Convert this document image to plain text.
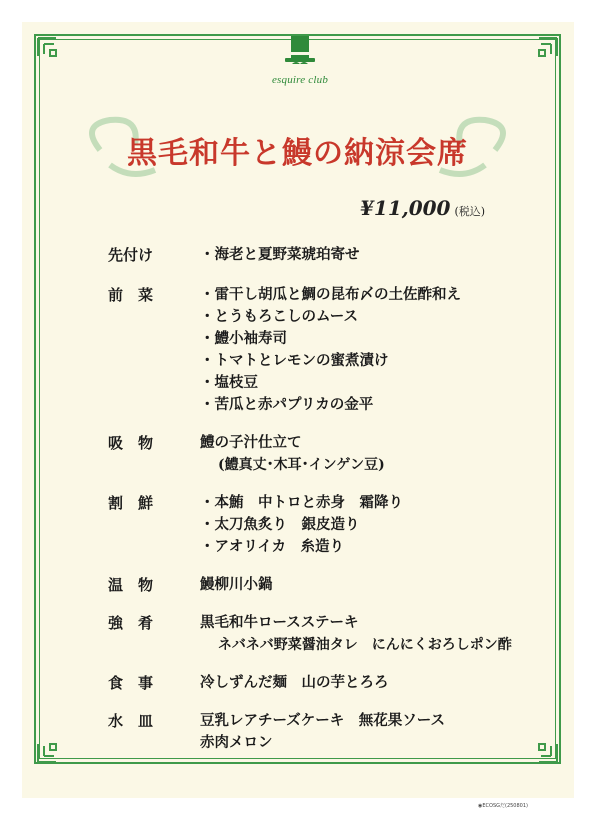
esquire club
黒毛和牛と鰻の納涼会席
¥11,000 (税込)
先付け	・海老と夏野菜琥珀寄せ
前　菜	・雷干し胡瓜と鯛の昆布〆の土佐酢和え
・とうもろこしのムース
・鱧小袖寿司
・トマトとレモンの蜜煮漬け
・塩枝豆
・苦瓜と赤パプリカの金平
吸　物	鱧の子汁仕立て
(鱧真丈･木耳･インゲン豆)
割　鮮	・本鮪　中トロと赤身　霜降り
・太刀魚炙り　銀皮造り
・アオリイカ　糸造り
温　物	鰻柳川小鍋
強　肴	黒毛和牛ロースステーキ
ネバネバ野菜醤油タレ　にんにくおろしポン酢
食　事	冷しずんだ麺　山の芋とろろ
水　皿	豆乳レアチーズケーキ　無花果ソース
赤肉メロン
◉ECOSGだ(250801)
